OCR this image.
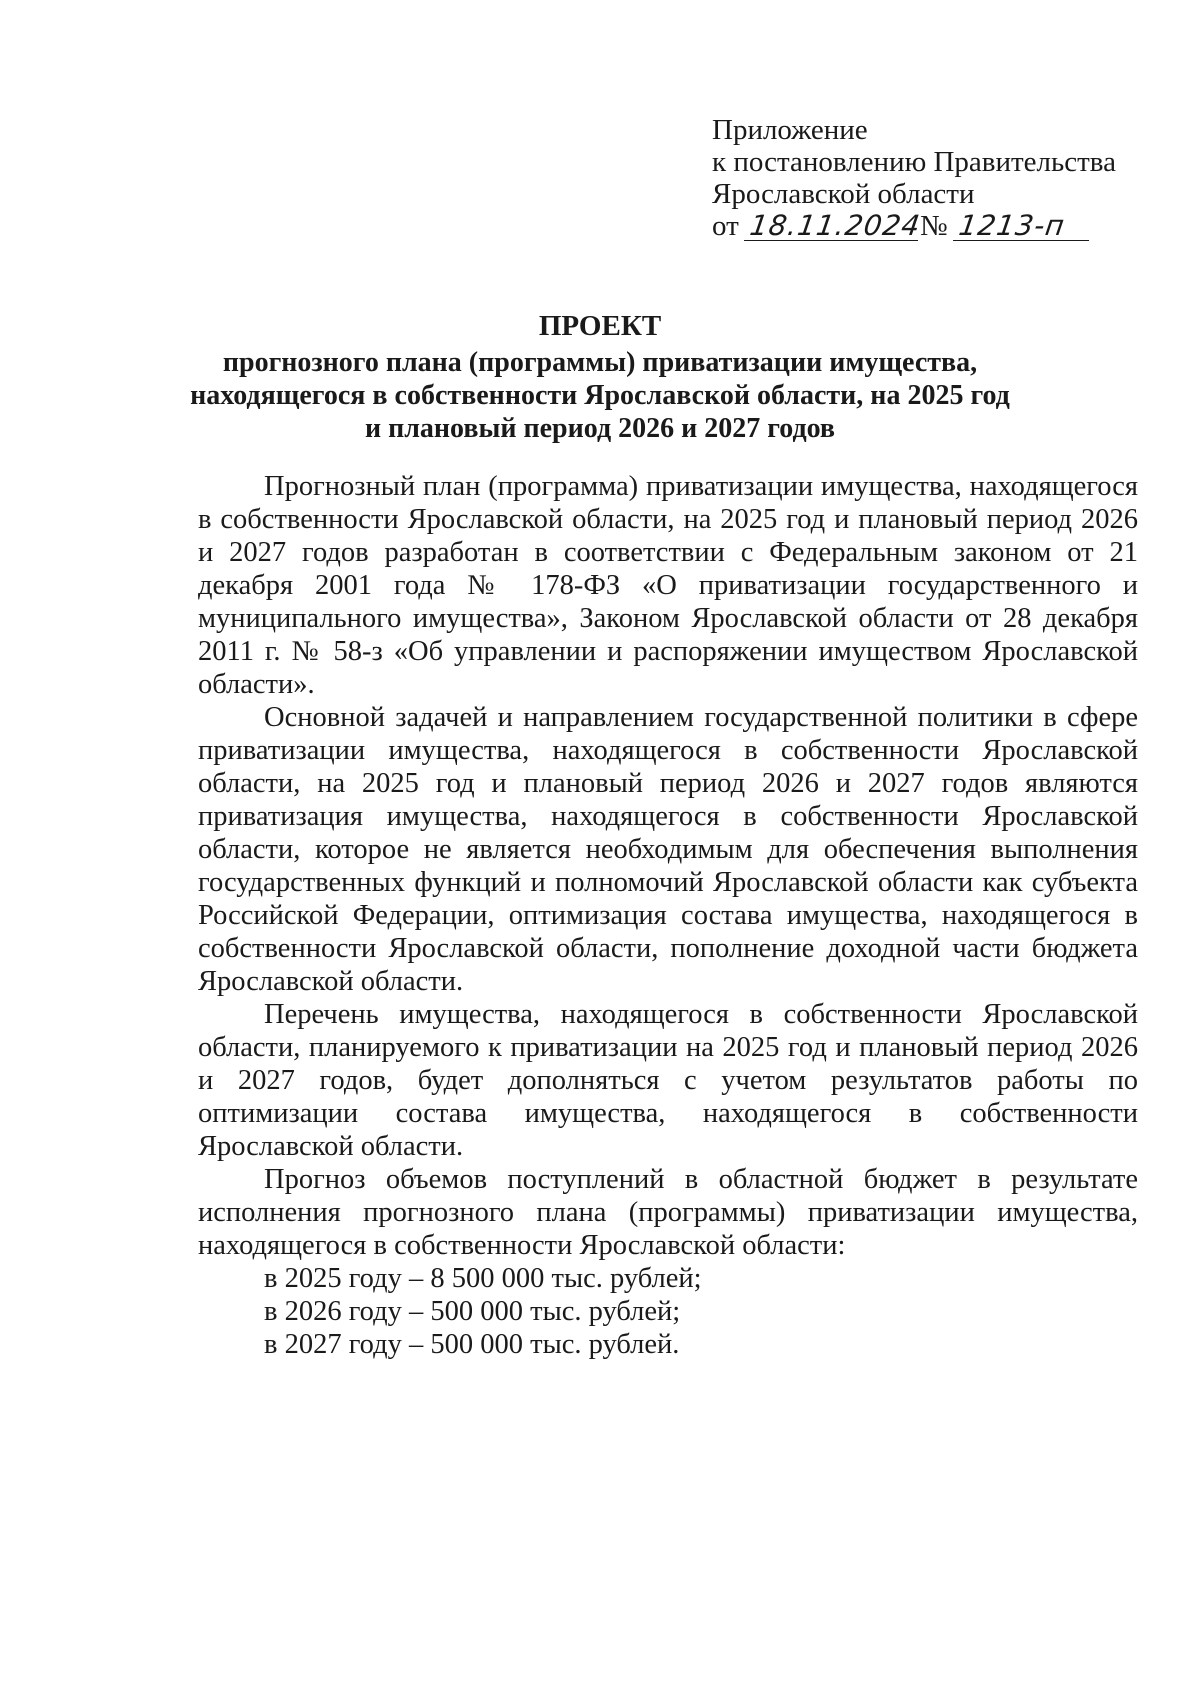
Приложение
к постановлению Правительства
Ярославской области
от 18.11.2024№ 1213-п
ПРОЕКТ
прогнозного плана (программы) приватизации имущества,
находящегося в собственности Ярославской области, на 2025 год
и плановый период 2026 и 2027 годов

Прогнозный план (программа) приватизации имущества, находящегося в собственности Ярославской области, на 2025 год и плановый период 2026 и 2027 годов разработан в соответствии с Федеральным законом от 21 декабря 2001 года № 178-ФЗ «О приватизации государственного и муниципального имущества», Законом Ярославской области от 28 декабря 2011 г. № 58-з «Об управлении и распоряжении имуществом Ярославской области».

Основной задачей и направлением государственной политики в сфере приватизации имущества, находящегося в собственности Ярославской области, на 2025 год и плановый период 2026 и 2027 годов являются приватизация имущества, находящегося в собственности Ярославской области, которое не является необходимым для обеспечения выполнения государственных функций и полномочий Ярославской области как субъекта Российской Федерации, оптимизация состава имущества, находящегося в собственности Ярославской области, пополнение доходной части бюджета Ярославской области.

Перечень имущества, находящегося в собственности Ярославской области, планируемого к приватизации на 2025 год и плановый период 2026 и 2027 годов, будет дополняться с учетом результатов работы по оптимизации состава имущества, находящегося в собственности Ярославской области.

Прогноз объемов поступлений в областной бюджет в результате исполнения прогнозного плана (программы) приватизации имущества, находящегося в собственности Ярославской области:

в 2025 году – 8 500 000 тыс. рублей;
в 2026 году – 500 000 тыс. рублей;
в 2027 году – 500 000 тыс. рублей.
